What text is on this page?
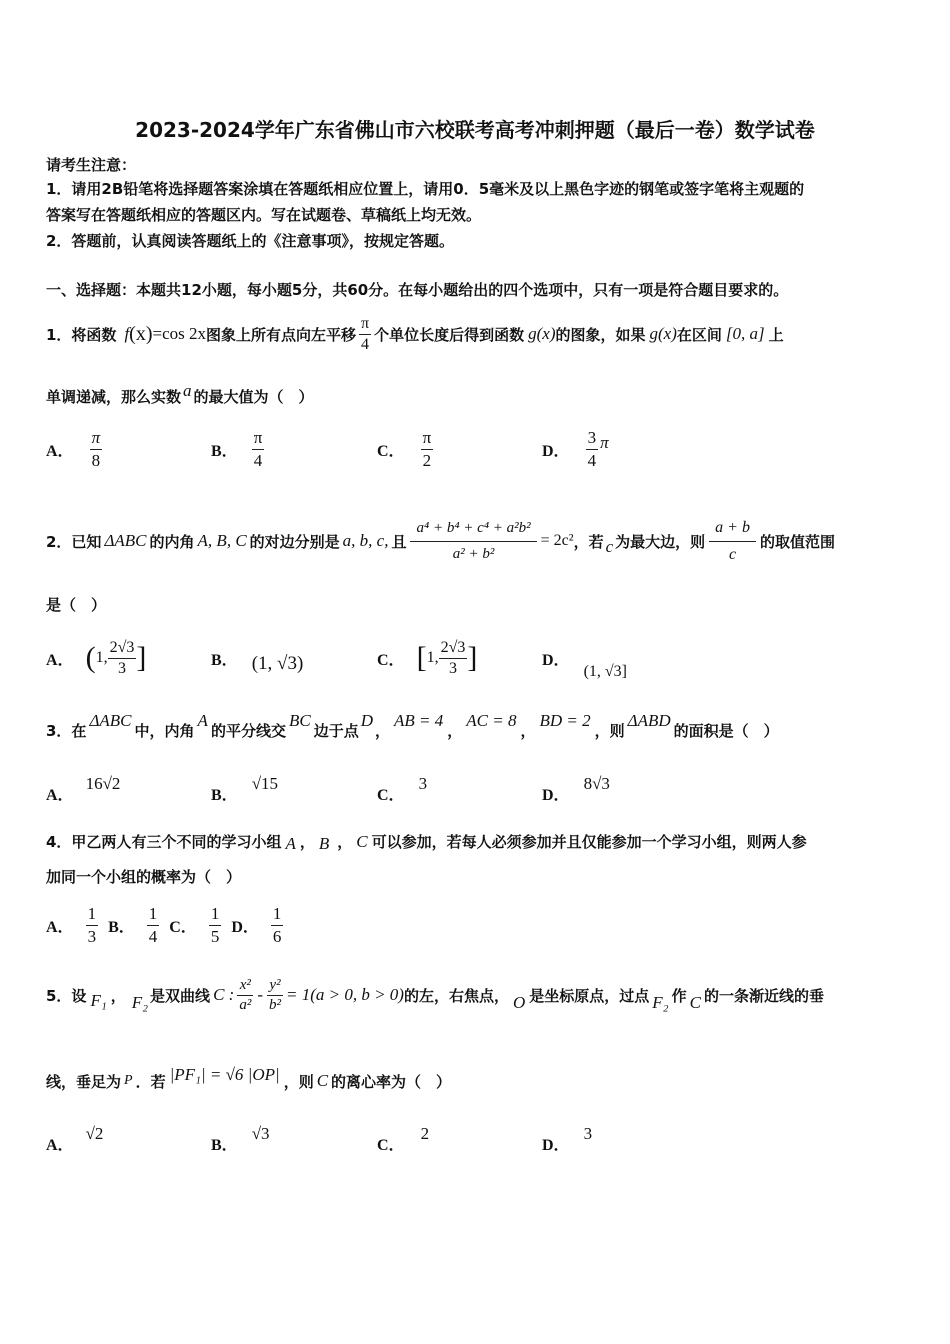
2023-2024学年广东省佛山市六校联考高考冲刺押题（最后一卷）数学试卷
请考生注意：
1．请用2B铅笔将选择题答案涂填在答题纸相应位置上，请用0．5毫米及以上黑色字迹的钢笔或签字笔将主观题的
答案写在答题纸相应的答题区内。写在试题卷、草稿纸上均无效。
2．答题前，认真阅读答题纸上的《注意事项》，按规定答题。
一、选择题：本题共12小题，每小题5分，共60分。在每小题给出的四个选项中，只有一项是符合题目要求的。
1．将函数 f (x) =cos 2x 图象上所有点向左平移 $\frac{\pi}{4}$ 个单位长度后得到函数 g(x) 的图象，如果 g(x) 在区间 [0, a] 上
单调递减，那么实数 a 的最大值为（　）
A． $\frac{\pi}{8}$	B． $\frac{\pi}{4}$	C． $\frac{\pi}{2}$	D． $\frac{3}{4}$ π
2．已知 ΔABC 的内角 A, B, C 的对边分别是 a, b, c, 且 $\frac{\text{a⁴ + b⁴ + c⁴ + a²b²}}{\text{a² + b²}} = 2c^2$ ，若 c 为最大边，则 $\frac{a + b}{c}$ 的取值范围
是（　）
A． ( 1, $\frac{2√3}{3}$ ]	B． (1, √3)	C． [ 1, $\frac{2√3}{3}$ ]	D．
(1, √3]
3．在
ΔABC
中，内角
A
的平分线交
BC
边于点
D
，
AB = 4
，
AC = 8
，
BD = 2
，则
ΔABD
的面积是（　）
A．
16√2
B．
√15
C．
3
D．
8√3
4．甲乙两人有三个不同的学习小组 A ， B ， C 可以参加，若每人必须参加并且仅能参加一个学习小组，则两人参
加同一个小组的概率为（　）
A． $\frac{1}{3}$ B． $\frac{1}{4}$ C． $\frac{1}{5}$ D． $\frac{1}{6}$
5．设 F₁ ， F₂ 是双曲线 C : $\frac{\text{x²}}{\text{a²}} - \frac{\text{y²}}{\text{b²}} = 1(a > 0$, b > 0) 的左，右焦点， O 是坐标原点，过点 F₂ 作 C 的一条渐近线的垂
线，垂足为 P ．若 |PF₁| = √6 |OP| ，则 C 的离心率为（　）
A．
√2
B．
√3
C．
2
D．
3
